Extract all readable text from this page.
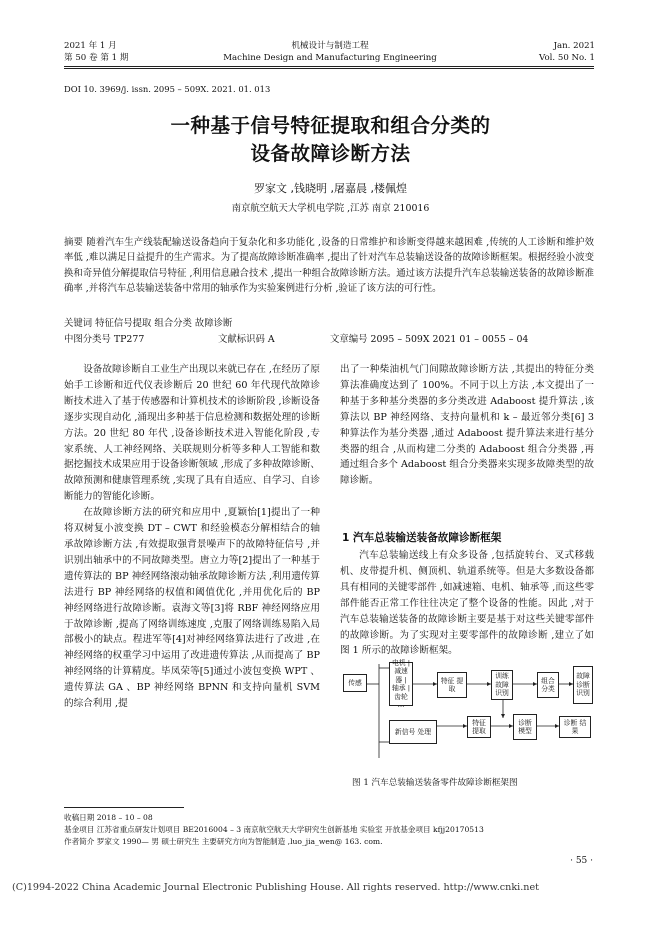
2021 年 1 月
第 50 卷 第 1 期
机械设计与制造工程
Machine Design and Manufacturing Engineering
Jan. 2021
Vol. 50 No. 1
DOI 10. 3969/j. issn. 2095 – 509X. 2021. 01. 013
一种基于信号特征提取和组合分类的
设备故障诊断方法
罗家文 ,钱晓明 ,屠嘉晨 ,楼佩煌
南京航空航天大学机电学院 ,江苏 南京 210016

摘要 随着汽车生产线装配输送设备趋向于复杂化和多功能化 ,设备的日常维护和诊断变得越来越困难 ,传统的人工诊断和维护效率低 ,难以满足日益提升的生产需求。为了提高故障诊断准确率 ,提出了针对汽车总装输送设备的故障诊断框架。根据经验小波变换和奇异值分解提取信号特征 ,利用信息融合技术 ,提出一种组合故障诊断方法。通过该方法提升汽车总装输送装备的故障诊断准确率 ,并将汽车总装输送装备中常用的轴承作为实验案例进行分析 ,验证了该方法的可行性。

关键词 特征信号提取 组合分类 故障诊断
中图分类号 TP277	文献标识码 A	文章编号 2095 – 509X 2021 01 – 0055 – 04

设备故障诊断自工业生产出现以来就已存在 ,在经历了原始手工诊断和近代仪表诊断后 20 世纪 60 年代现代故障诊断技术进入了基于传感器和计算机技术的诊断阶段 ,诊断设备逐步实现自动化 ,涌现出多种基于信息检测和数据处理的诊断方法。20 世纪 80 年代 ,设备诊断技术进入智能化阶段 ,专家系统、人工神经网络、关联规则分析等多种人工智能和数据挖掘技术成果应用于设备诊断领域 ,形成了多种故障诊断、故障预测和健康管理系统 ,实现了具有自适应、自学习、自诊断能力的智能化诊断。

在故障诊断方法的研究和应用中 ,夏颖怡[1]提出了一种将双树复小波变换 DT – CWT 和经验模态分解相结合的轴承故障诊断方法 ,有效提取强背景噪声下的故障特征信号 ,并识别出轴承中的不同故障类型。唐立力等[2]提出了一种基于遗传算法的 BP 神经网络滚动轴承故障诊断方法 ,利用遗传算法进行 BP 神经网络的权值和阈值优化 ,并用优化后的 BP 神经网络进行故障诊断。袁海文等[3]将 RBF 神经网络应用于故障诊断 ,提高了网络训练速度 ,克服了网络训练易陷入局部极小的缺点。程进军等[4]对神经网络算法进行了改进 ,在神经网络的权重学习中运用了改进遗传算法 ,从而提高了 BP 神经网络的计算精度。毕凤荣等[5]通过小波包变换 WPT 、遗传算法 GA 、BP 神经网络 BPNN 和支持向量机 SVM 的综合利用 ,提

出了一种柴油机气门间隙故障诊断方法 ,其提出的特征分类算法准确度达到了 100%。不同于以上方法 ,本文提出了一种基于多种基分类器的多分类改进 Adaboost 提升算法 ,该算法以 BP 神经网络、支持向量机和 k – 最近邻分类[6] 3 种算法作为基分类器 ,通过 Adaboost 提升算法来进行基分类器的组合 ,从而构建二分类的 Adaboost 组合分类器 ,再通过组合多个 Adaboost 组合分类器来实现多故障类型的故障诊断。

1 汽车总装输送装备故障诊断框架

汽车总装输送线上有众多设备 ,包括旋转台、叉式移载机、皮带提升机、侧顶机、轨道系统等。但是大多数设备都具有相同的关键零部件 ,如减速箱、电机、轴承等 ,而这些零部件能否正常工作往往决定了整个设备的性能。因此 ,对于汽车总装输送装备的故障诊断主要是基于对这些关键零部件的故障诊断。为了实现对主要零部件的故障诊断 ,建立了如图 1 所示的故障诊断框架。

传感
电机 | 减速器 | 轴承 | 齿轮 …
特征 提取
训练 故障 识别
组合分类
故障诊断 识别
新信号 处理
特征 提取
诊断 模型
诊断 结果
图 1 汽车总装输送装备零件故障诊断框架图
收稿日期 2018 – 10 – 08
基金项目 江苏省重点研发计划项目 BE2016004 – 3 南京航空航天大学研究生创新基地 实验室 开放基金项目 kfjj20170513
作者简介 罗家文 1990— 男 硕士研究生 主要研究方向为智能制造 ,luo_jia_wen@ 163. com.
· 55 ·
(C)1994-2022 China Academic Journal Electronic Publishing House. All rights reserved. http://www.cnki.net
